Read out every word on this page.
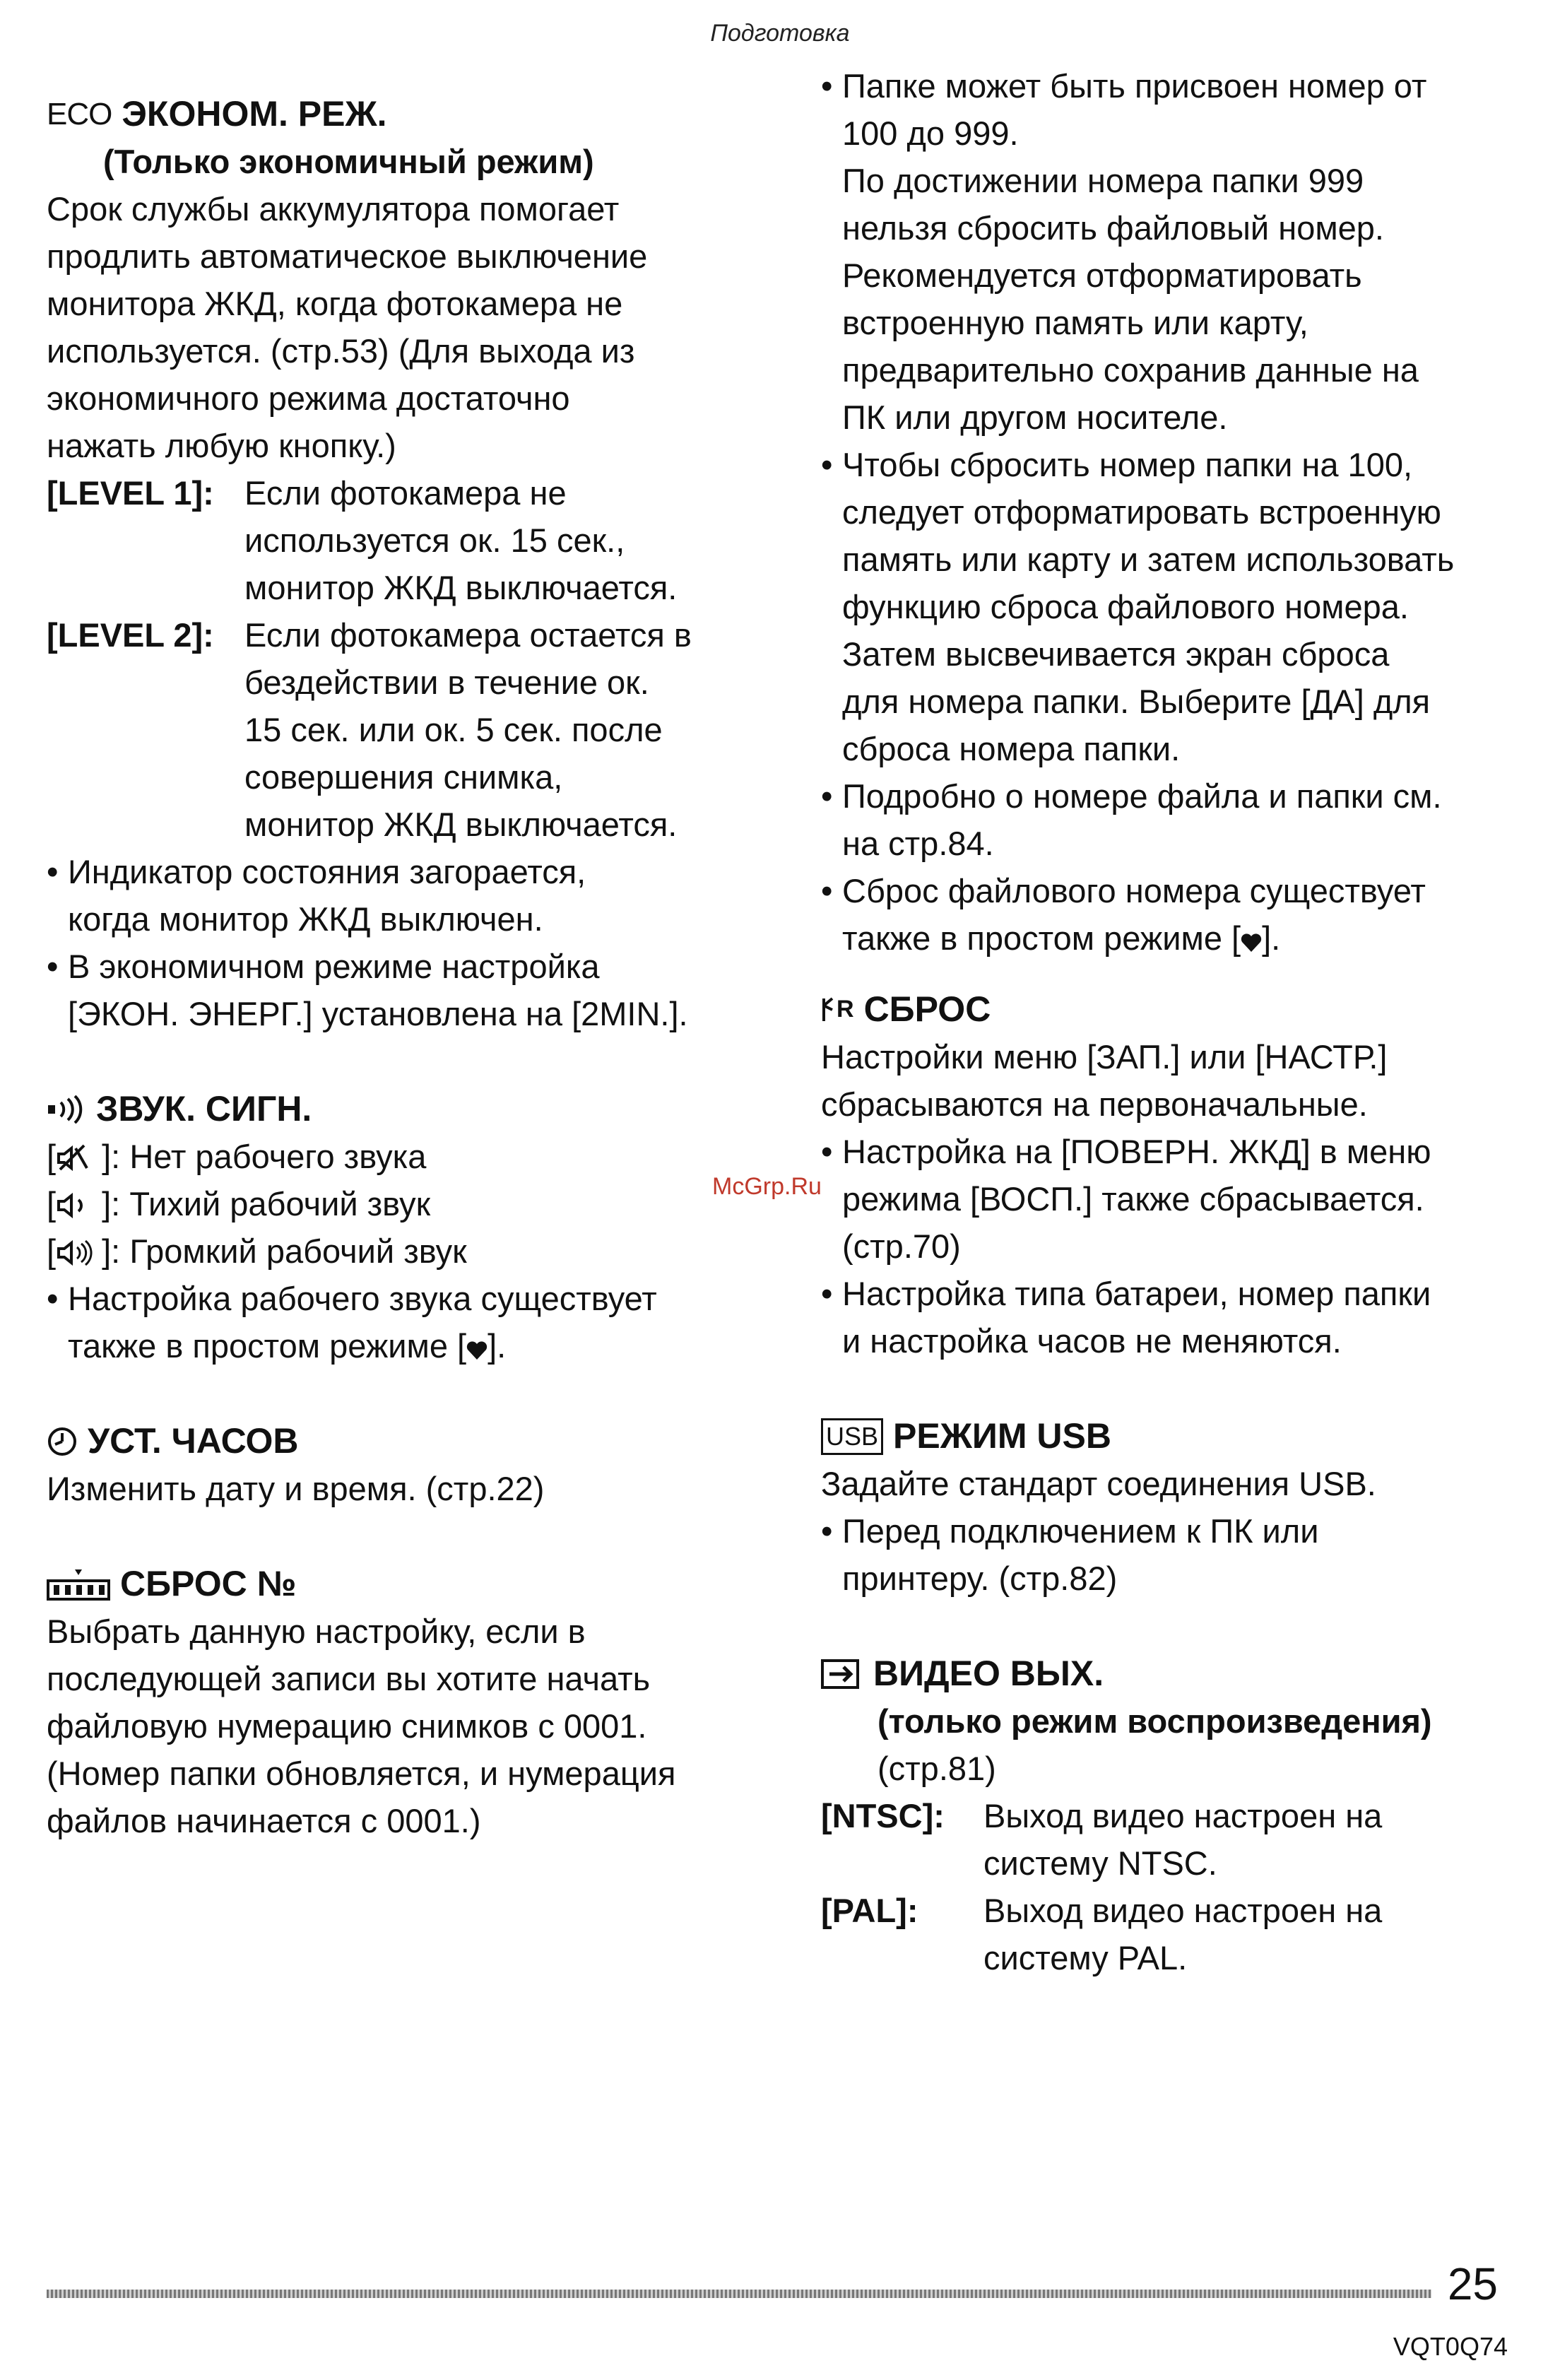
Подготовка

ECO ЭКОНОМ. РЕЖ.

(Только экономичный режим)

Срок службы аккумулятора помогает

продлить автоматическое выключение

монитора ЖКД, когда фотокамера не

используется. (стр.53) (Для выхода из

экономичного режима достаточно

нажать любую кнопку.)

[LEVEL 1]: Если фотокамера не
используется ок. 15 сек.,
монитор ЖКД выключается.
[LEVEL 2]: Если фотокамера остается в
бездействии в течение ок.
15 сек. или ок. 5 сек. после
совершения снимка,
монитор ЖКД выключается.
• Индикатор состояния загорается,
когда монитор ЖКД выключен.
• В экономичном режиме настройка
[ЭКОН. ЭНЕРГ.] установлена на [2MIN.].

ЗВУК. СИГН.

[ ]: Нет рабочего звука
[ ]: Тихий рабочий звук
[ ]: Громкий рабочий звук
• Настройка рабочего звука существует
также в простом режиме [ ].

УСТ. ЧАСОВ

Изменить дату и время. (стр.22)

СБРОС №

Выбрать данную настройку, если в

последующей записи вы хотите начать

файловую нумерацию снимков с 0001.

(Номер папки обновляется, и нумерация

файлов начинается с 0001.)

• Папке может быть присвоен номер от
100 до 999.
По достижении номера папки 999
нельзя сбросить файловый номер.
Рекомендуется отформатировать
встроенную память или карту,
предварительно сохранив данные на
ПК или другом носителе.
• Чтобы сбросить номер папки на 100,
следует отформатировать встроенную
память или карту и затем использовать
функцию сброса файлового номера.
Затем высвечивается экран сброса
для номера папки. Выберите [ДА] для
сброса номера папки.
• Подробно о номере файла и папки см.
на стр.84.
• Сброс файлового номера существует
также в простом режиме [ ].

R СБРОС

Настройки меню [ЗАП.] или [НАСТР.]

сбрасываются на первоначальные.

• Настройка на [ПОВЕРН. ЖКД] в меню
режима [ВОСП.] также сбрасывается.
(стр.70)
• Настройка типа батареи, номер папки
и настройка часов не меняются.

USB РЕЖИМ USB

Задайте стандарт соединения USB.

• Перед подключением к ПК или
принтеру. (стр.82)

ВИДЕО ВЫХ.

(только режим воспроизведения)

(стр.81)

[NTSC]:	Выход видео настроен на
систему NTSC.
[PAL]:	Выход видео настроен на
систему PAL.
McGrp.Ru
25
VQT0Q74
